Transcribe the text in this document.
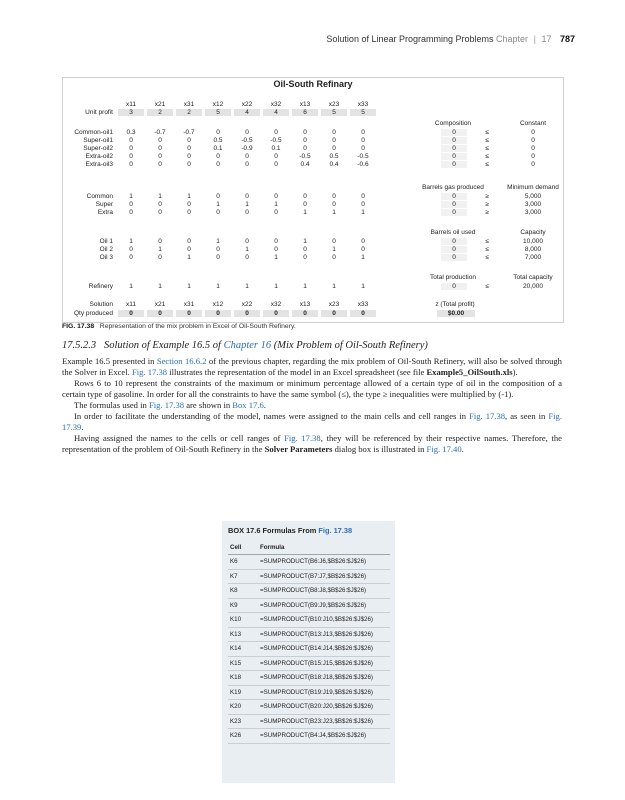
Solution of Linear Programming Problems Chapter | 17 787
Oil-South Refinary
x11	x21	x31	x12	x22	x32	x13	x23	x33
Unit profit	3	2	2	5	4	4	6	5	5
Composition	Constant
Common-oil1	0.3	-0.7	-0.7	0	0	0	0	0	0	0	≤	0
Super-oil1	0	0	0	0.5	-0.5	-0.5	0	0	0	0	≤	0
Super-oil2	0	0	0	0.1	-0.9	0.1	0	0	0	0	≤	0
Extra-oil2	0	0	0	0	0	0	-0.5	0.5	-0.5	0	≤	0
Extra-oil3	0	0	0	0	0	0	0.4	0.4	-0.6	0	≤	0
Barrels gas produced	Minimum demand
Common	1	1	1	0	0	0	0	0	0	0	≥	5,000
Super	0	0	0	1	1	1	0	0	0	0	≥	3,000
Extra	0	0	0	0	0	0	1	1	1	0	≥	3,000
Barrels oil used	Capacity
Oil 1	1	0	0	1	0	0	1	0	0	0	≤	10,000
Oil 2	0	1	0	0	1	0	0	1	0	0	≤	8,000
Oil 3	0	0	1	0	0	1	0	0	1	0	≤	7,000
Total production	Total capacity
Refinery	1	1	1	1	1	1	1	1	1	0	≤	20,000
Solution	x11	x21	x31	x12	x22	x32	x13	x23	x33	z (Total profit)
Qty produced	0	0	0	0	0	0	0	0	0	$0.00
FIG. 17.38 Representation of the mix problem in Excel of Oil-South Refinery.
17.5.2.3 Solution of Example 16.5 of Chapter 16 (Mix Problem of Oil-South Refinery)

Example 16.5 presented in Section 16.6.2 of the previous chapter, regarding the mix problem of Oil-South Refinery, will also be solved through the Solver in Excel. Fig. 17.38 illustrates the representation of the model in an Excel spreadsheet (see file Example5_OilSouth.xls).

Rows 6 to 10 represent the constraints of the maximum or minimum percentage allowed of a certain type of oil in the composition of a certain type of gasoline. In order for all the constraints to have the same symbol (≤), the type ≥ inequalities were multiplied by (-1).

The formulas used in Fig. 17.38 are shown in Box 17.6.

In order to facilitate the understanding of the model, names were assigned to the main cells and cell ranges in Fig. 17.38, as seen in Fig. 17.39.

Having assigned the names to the cells or cell ranges of Fig. 17.38, they will be referenced by their respective names. Therefore, the representation of the problem of Oil-South Refinery in the Solver Parameters dialog box is illustrated in Fig. 17.40.

BOX 17.6 Formulas From Fig. 17.38
Cell	Formula
K6	=SUMPRODUCT(B6:J6,$B$26:$J$26)
K7	=SUMPRODUCT(B7:J7,$B$26:$J$26)
K8	=SUMPRODUCT(B8:J8,$B$26:$J$26)
K9	=SUMPRODUCT(B9:J9,$B$26:$J$26)
K10	=SUMPRODUCT(B10:J10,$B$26:$J$26)
K13	=SUMPRODUCT(B13:J13,$B$26:$J$26)
K14	=SUMPRODUCT(B14:J14,$B$26:$J$26)
K15	=SUMPRODUCT(B15:J15,$B$26:$J$26)
K18	=SUMPRODUCT(B18:J18,$B$26:$J$26)
K19	=SUMPRODUCT(B19:J19,$B$26:$J$26)
K20	=SUMPRODUCT(B20:J20,$B$26:$J$26)
K23	=SUMPRODUCT(B23:J23,$B$26:$J$26)
K26	=SUMPRODUCT(B4:J4,$B$26:$J$26)
